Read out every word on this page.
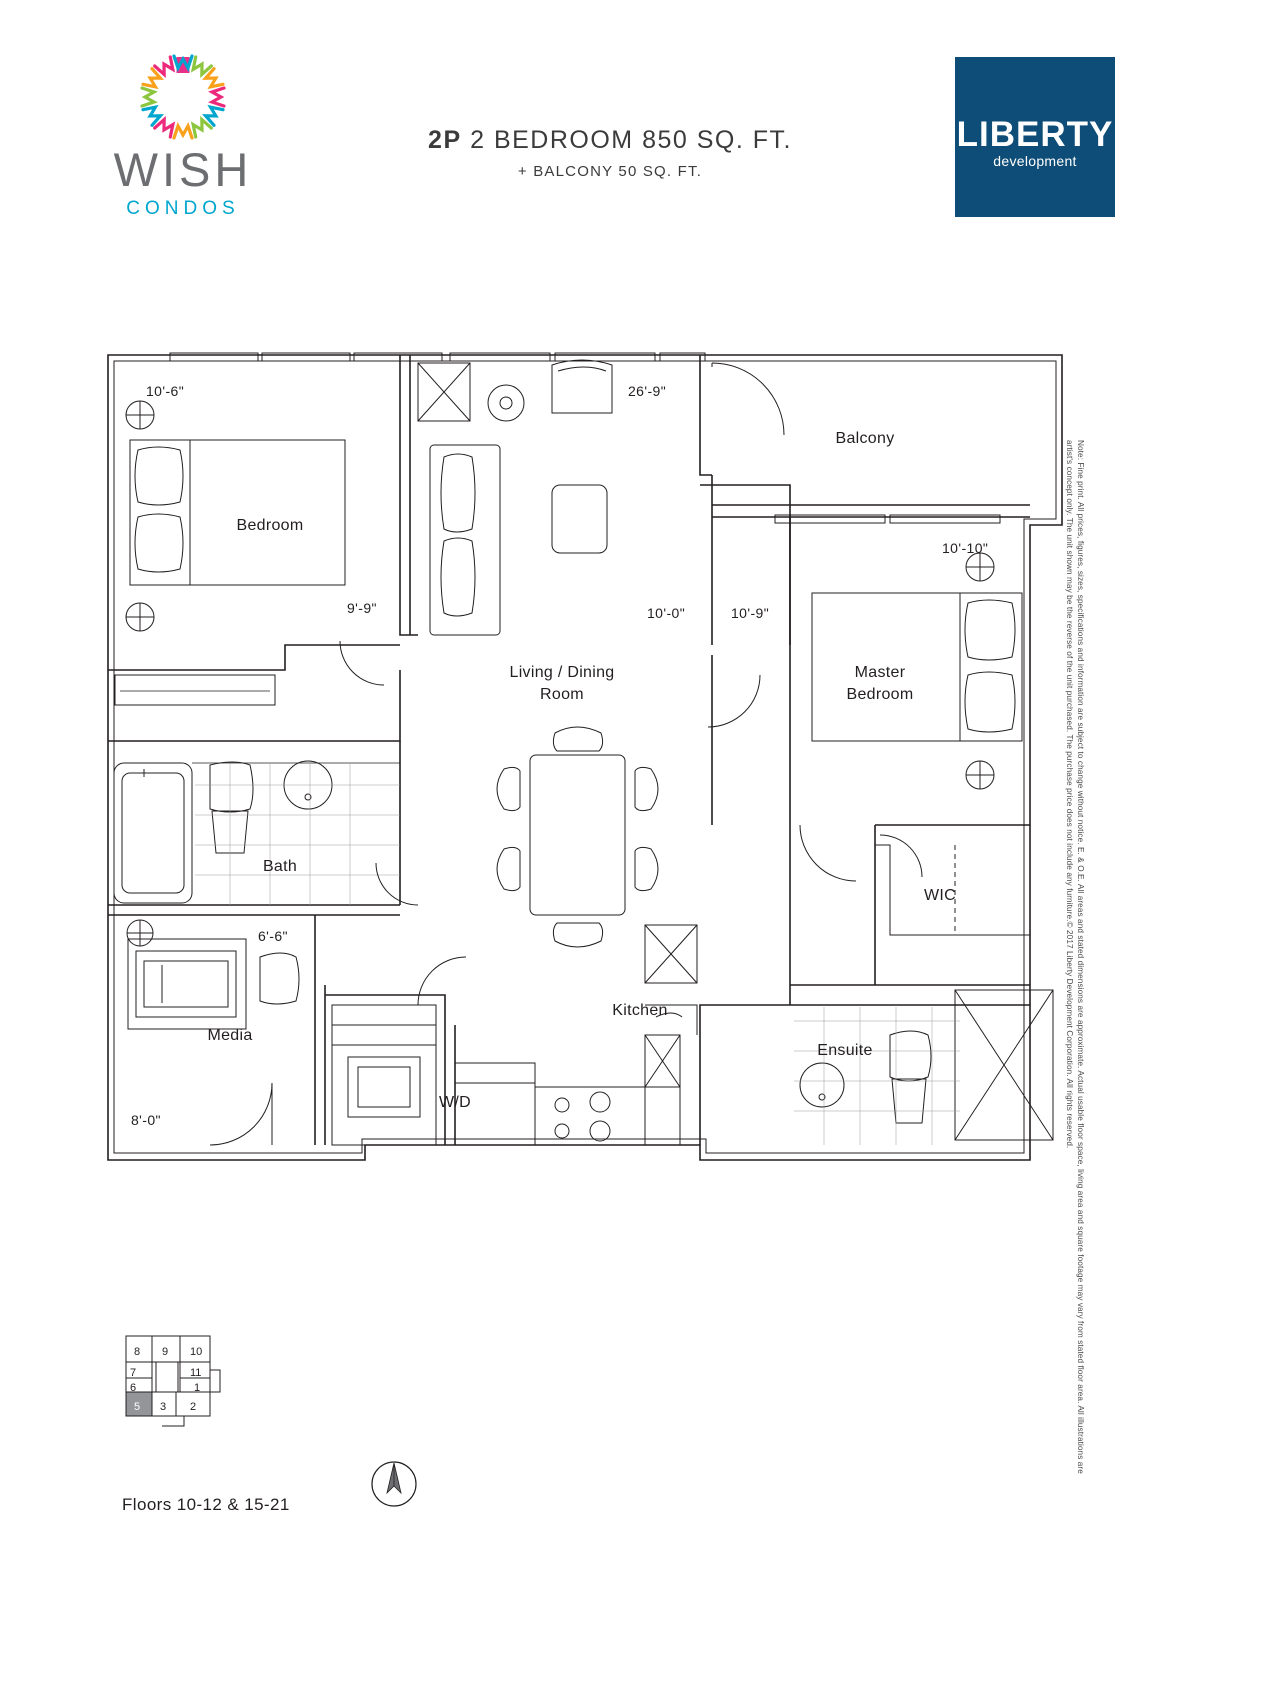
WISH
CONDOS
2P 2 BEDROOM 850 SQ. FT.
+ BALCONY 50 SQ. FT.
LIBERTY
development
Note: Fine print. All prices, figures, sizes, specifications and information are subject to change without notice. E. & O.E. All areas and stated dimensions are approximate. Actual usable floor space, living area and square footage may vary from stated floor area. All illustrations are artist's concept only. The unit shown may be the reverse of the unit purchased. The purchase price does not include any furniture.© 2017 Liberty Development Corporation. All rights reserved.
Bedroom
Balcony
Master
Bedroom
Living / Dining
Room
Bath
WIC
Media
Kitchen
Ensuite
W/D
10'-6"
9'-9"
26'-9"
10'-0"	10'-9"
10'-10"
6'-6"
8'-0"
8 9 10
7	11
6	1
3 2
5
Floors 10-12 & 15-21
